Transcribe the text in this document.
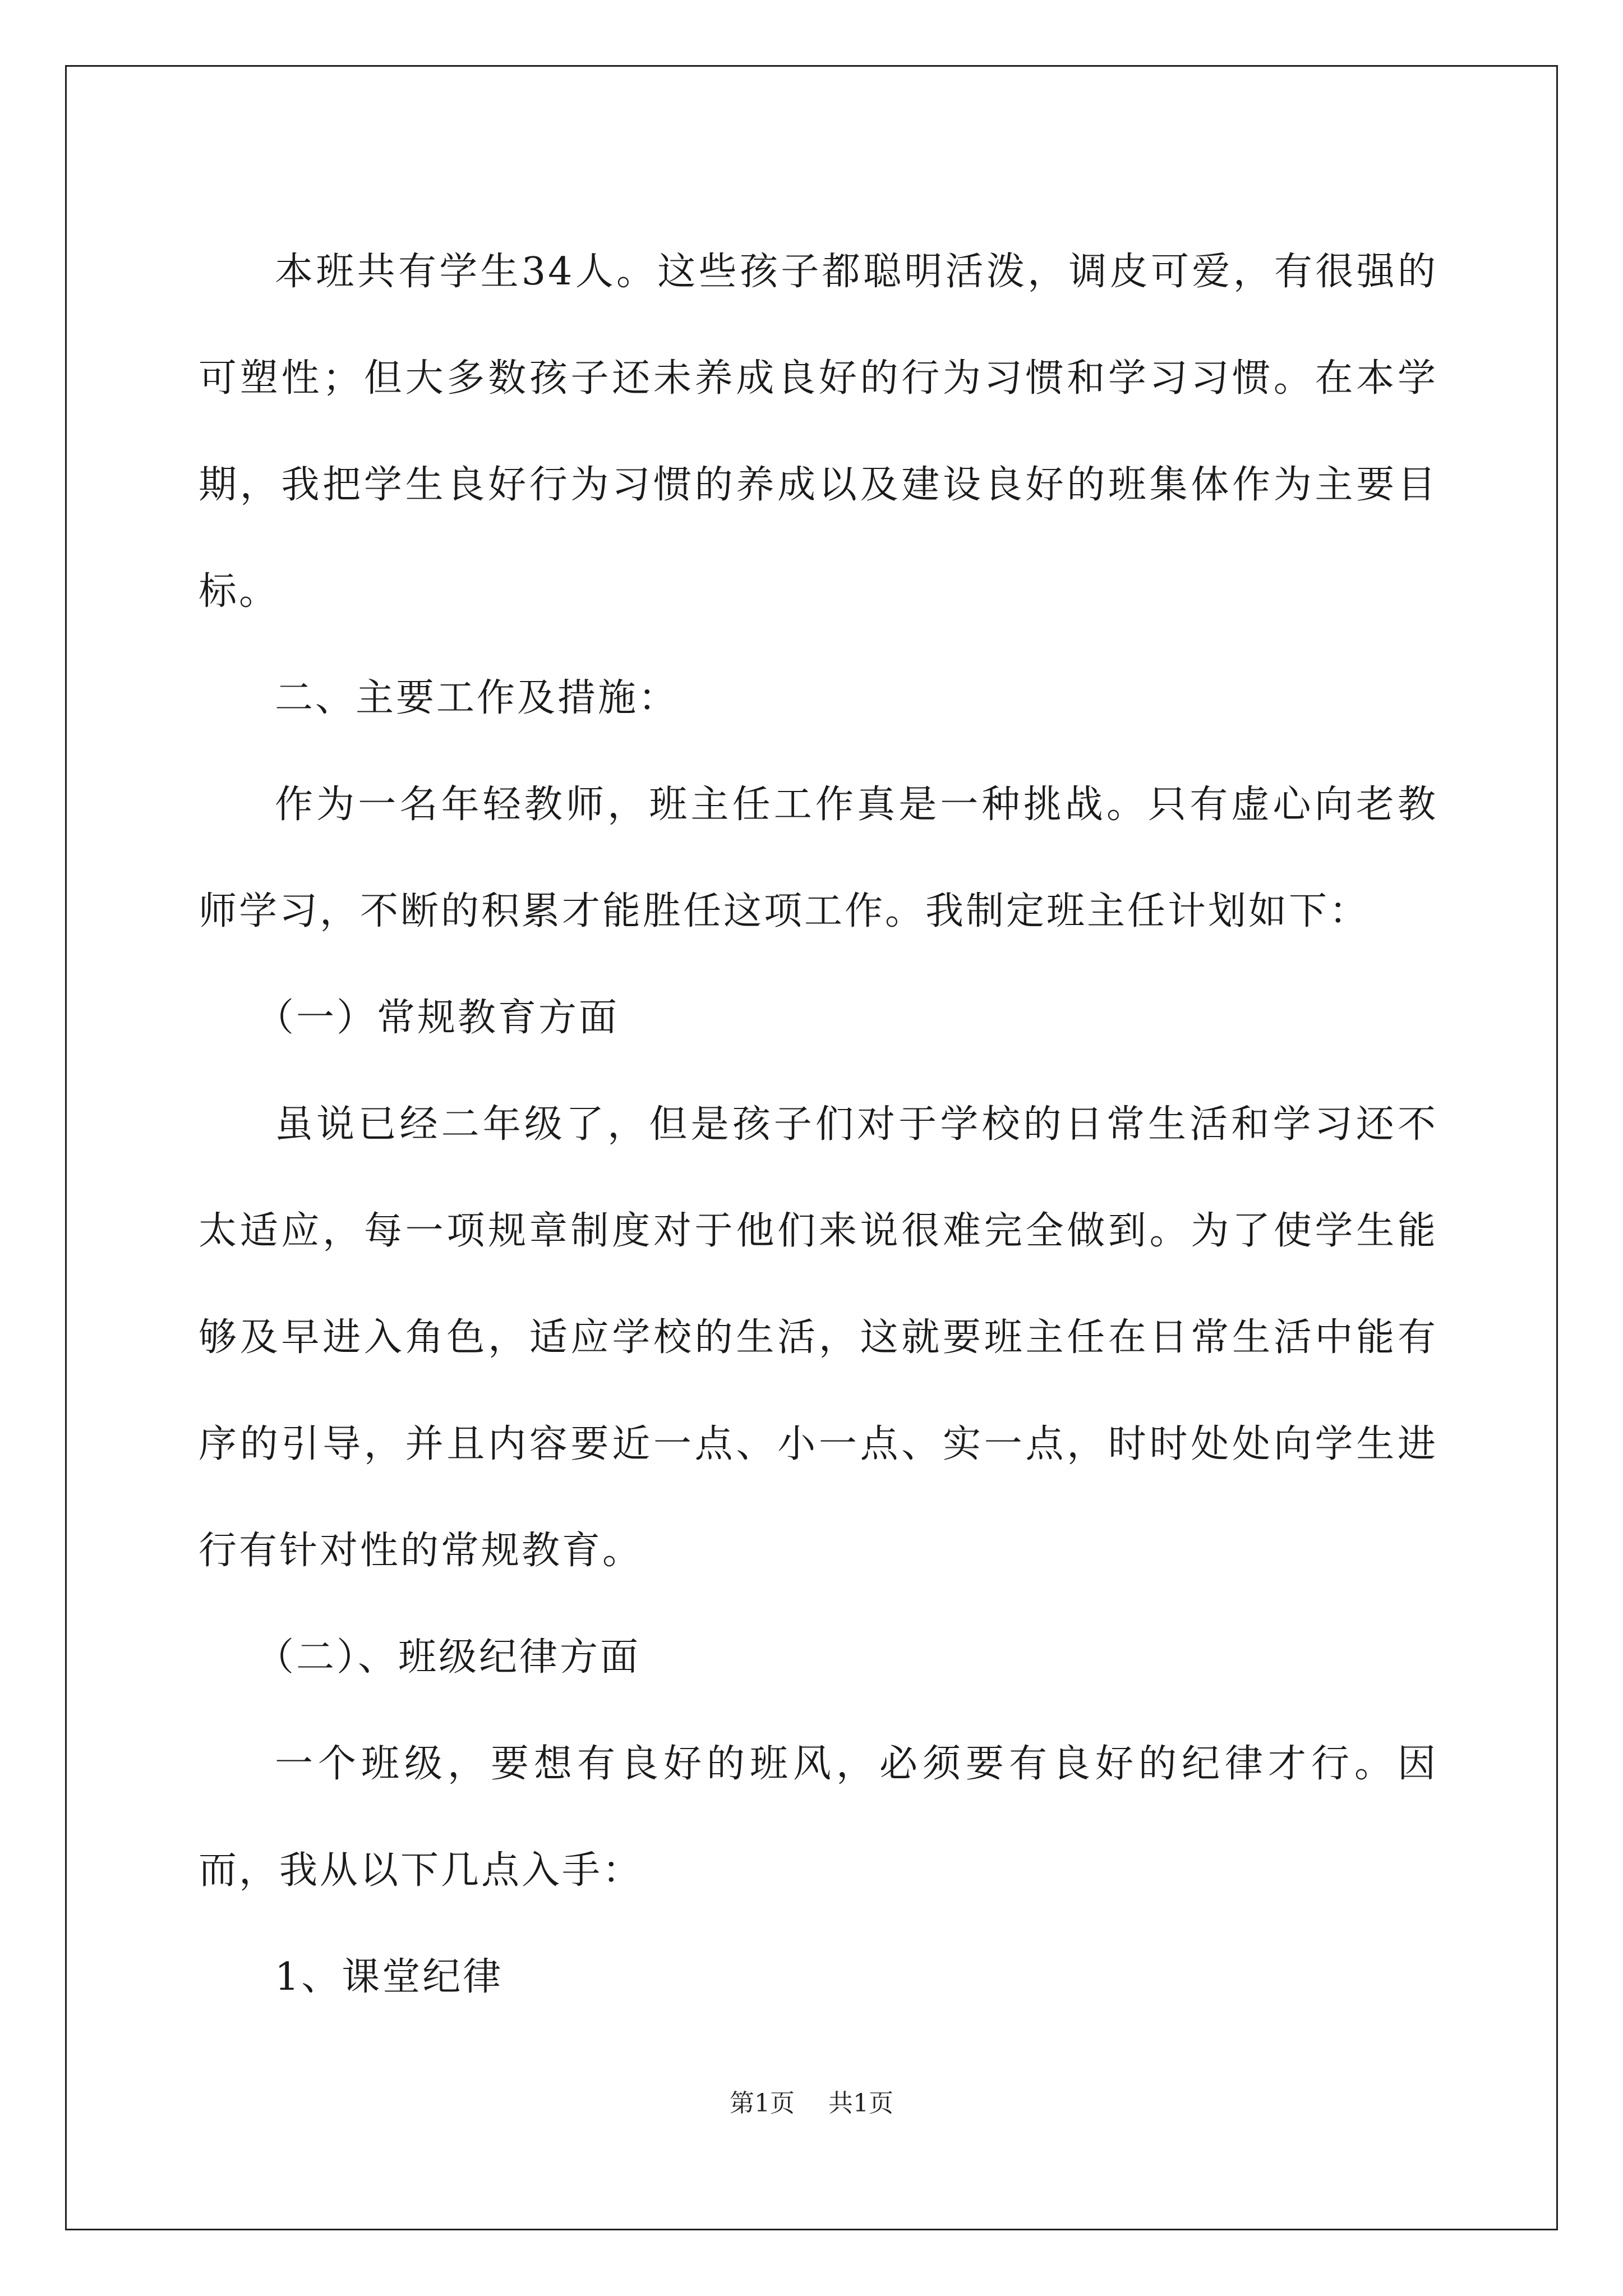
本班共有学生34人。这些孩子都聪明活泼，调皮可爱，有很强的可塑性；但大多数孩子还未养成良好的行为习惯和学习习惯。在本学期，我把学生良好行为习惯的养成以及建设良好的班集体作为主要目标。

二、主要工作及措施：

作为一名年轻教师，班主任工作真是一种挑战。只有虚心向老教师学习，不断的积累才能胜任这项工作。我制定班主任计划如下：

（一）常规教育方面

虽说已经二年级了，但是孩子们对于学校的日常生活和学习还不太适应，每一项规章制度对于他们来说很难完全做到。为了使学生能够及早进入角色，适应学校的生活，这就要班主任在日常生活中能有序的引导，并且内容要近一点、小一点、实一点，时时处处向学生进行有针对性的常规教育。

（二）、班级纪律方面

一个班级，要想有良好的班风，必须要有良好的纪律才行。因而，我从以下几点入手：

1、课堂纪律

第1页 共1页
